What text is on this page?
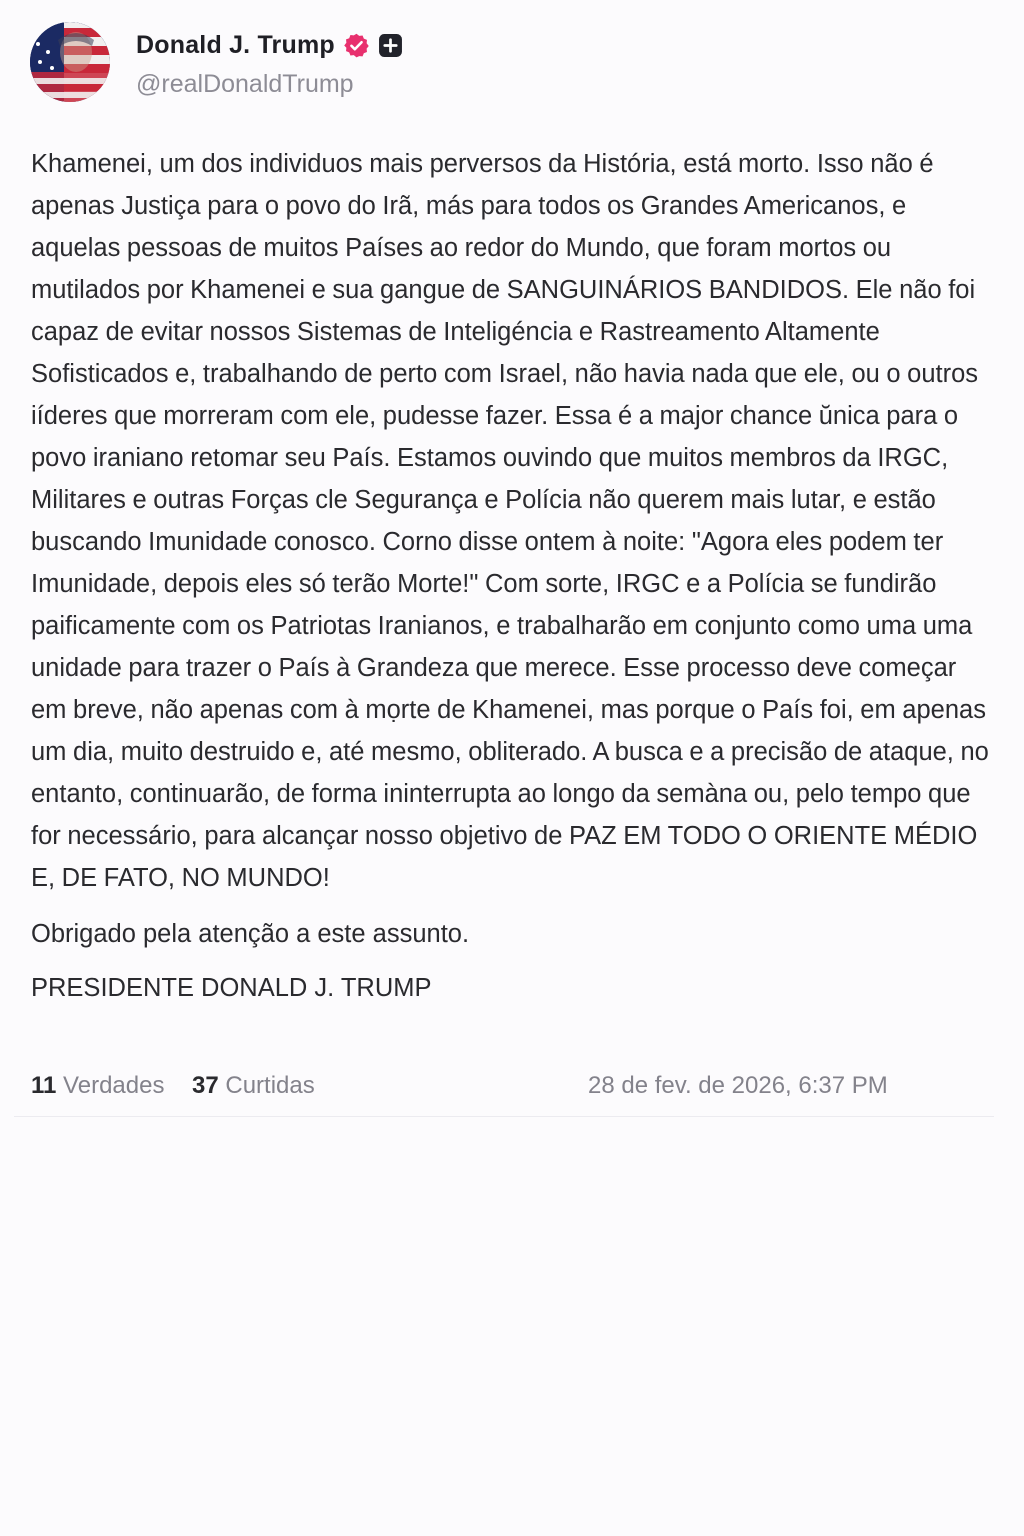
Donald J. Trump
@realDonaldTrump

Khamenei, um dos individuos mais perversos da História, está morto. Isso não é apenas Justiça para o povo do Irã, más para todos os Grandes Americanos, e aquelas pessoas de muitos Países ao redor do Mundo, que foram mortos ou mutilados por Khamenei e sua gangue de SANGUINÁRIOS BANDIDOS. Ele não foi capaz de evitar nossos Sistemas de Inteligéncia e Rastreamento Altamente Sofisticados e, trabalhando de perto com Israel, não havia nada que ele, ou o outros iíderes que morreram com ele, pudesse fazer. Essa é a major chance ŭnica para o povo iraniano retomar seu País. Estamos ouvindo que muitos membros da IRGC, Militares e outras Forças cle Segurança e Polícia não querem mais lutar, e estão buscando Imunidade conosco. Corno disse ontem à noite: "Agora eles podem ter Imunidade, depois eles só terão Morte!" Com sorte, IRGC e a Polícia se fundirão paificamente com os Patriotas Iranianos, e trabalharão em conjunto como uma uma unidade para trazer o País à Grandeza que merece. Esse processo deve começar em breve, não apenas com à mọrte de Khamenei, mas porque o País foi, em apenas um dia, muito destruido e, até mesmo, obliterado. A busca e a precisão de ataque, no entanto, continuarão, de forma ininterrupta ao longo da semàna ou, pelo tempo que for necessário, para alcançar nosso objetivo de PAZ EM TODO O ORIENTE MÉDIO E, DE FATO, NO MUNDO!

Obrigado pela atenção a este assunto.

PRESIDENTE DONALD J. TRUMP

11 Verdades 37 Curtidas	28 de fev. de 2026, 6:37 PM
